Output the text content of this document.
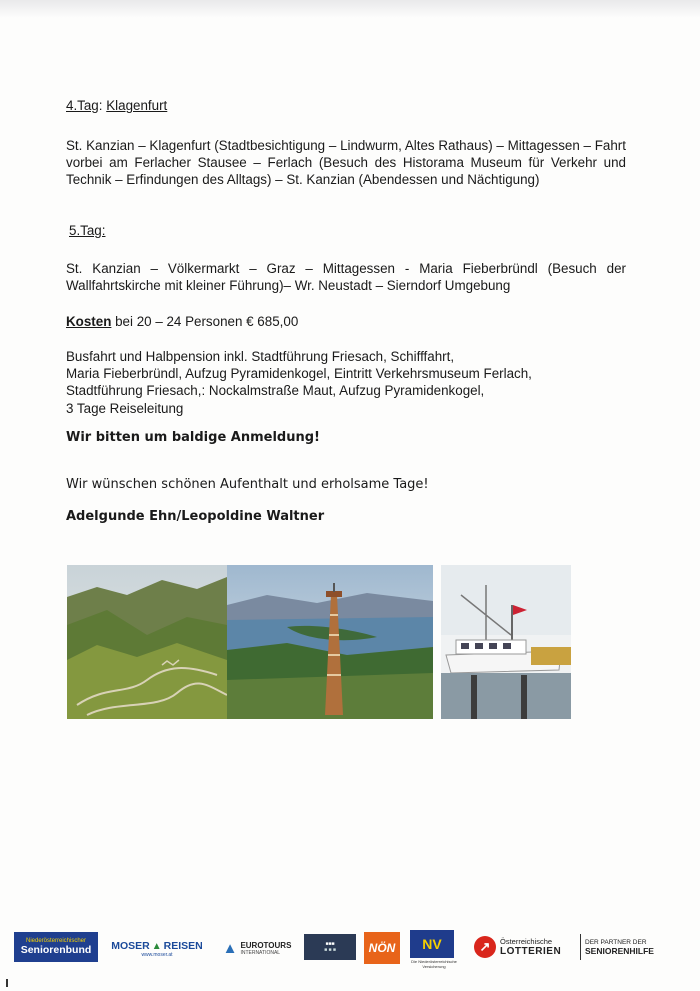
4.Tag: Klagenfurt
St. Kanzian – Klagenfurt (Stadtbesichtigung – Lindwurm, Altes Rathaus) – Mittagessen – Fahrt vorbei am Ferlacher Stausee – Ferlach (Besuch des Historama Museum für Verkehr und Technik – Erfindungen des Alltags) – St. Kanzian (Abendessen und Nächtigung)
5.Tag:
St. Kanzian – Völkermarkt – Graz – Mittagessen - Maria Fieberbründl (Besuch der Wallfahrtskirche mit kleiner Führung)– Wr. Neustadt – Sierndorf Umgebung
Kosten bei 20 – 24 Personen € 685,00
Busfahrt und Halbpension inkl. Stadtführung Friesach, Schifffahrt,
Maria Fieberbründl, Aufzug Pyramidenkogel, Eintritt Verkehrsmuseum Ferlach,
Stadtführung Friesach,: Nockalmstraße Maut, Aufzug Pyramidenkogel,
3 Tage Reiseleitung
Wir bitten um baldige Anmeldung!
Wir wünschen schönen Aufenthalt und erholsame Tage!
Adelgunde Ehn/Leopoldine Waltner
Niederösterreichischer
Seniorenbund MOSER ▲ REISEN
www.moser.at	▲ EUROTOURS
INTERNATIONAL
■■■
■ ■ ■	NÖN NV
Die Niederösterreichische Versicherung
↗	Österreichische
LOTTERIEN
DER PARTNER DER
SENIORENHILFE
